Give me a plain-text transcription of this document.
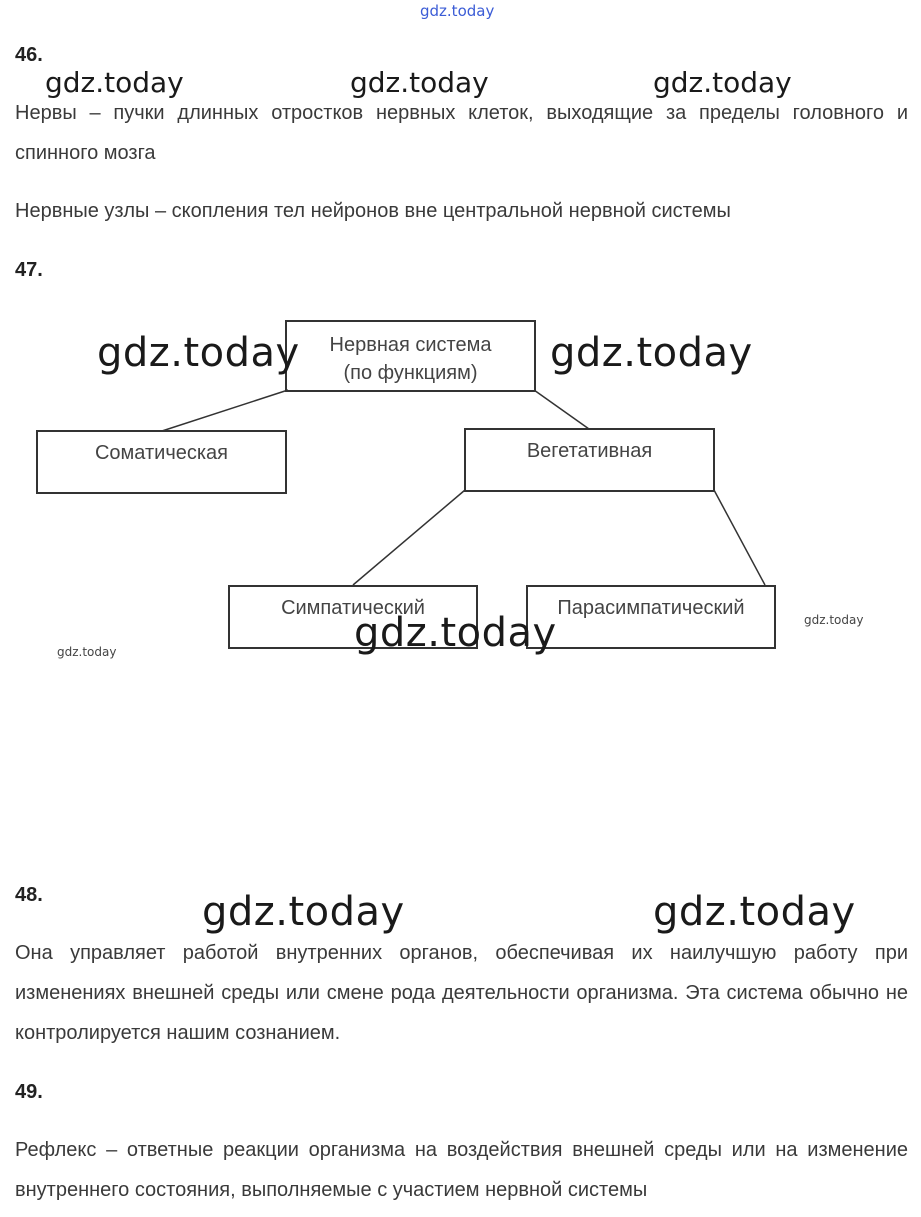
gdz.today
46.
gdz.today	gdz.today	gdz.today
Нервы – пучки длинных отростков нервных клеток, выходящие за пределы головного и спинного мозга
Нервные узлы – скопления тел нейронов вне центральной нервной системы
47.
Нервная система
(по функциям)
Соматическая	Вегетативная
Симпатический	Парасимпатический
gdz.today	gdz.today
gdz.today	gdz.today
gdz.today
48.	gdz.today	gdz.today
Она управляет работой внутренних органов, обеспечивая их наилучшую работу при изменениях внешней среды или смене рода деятельности организма. Эта система обычно не контролируется нашим сознанием.
49.
Рефлекс – ответные реакции организма на воздействия внешней среды или на изменение внутреннего состояния, выполняемые с участием нервной системы
